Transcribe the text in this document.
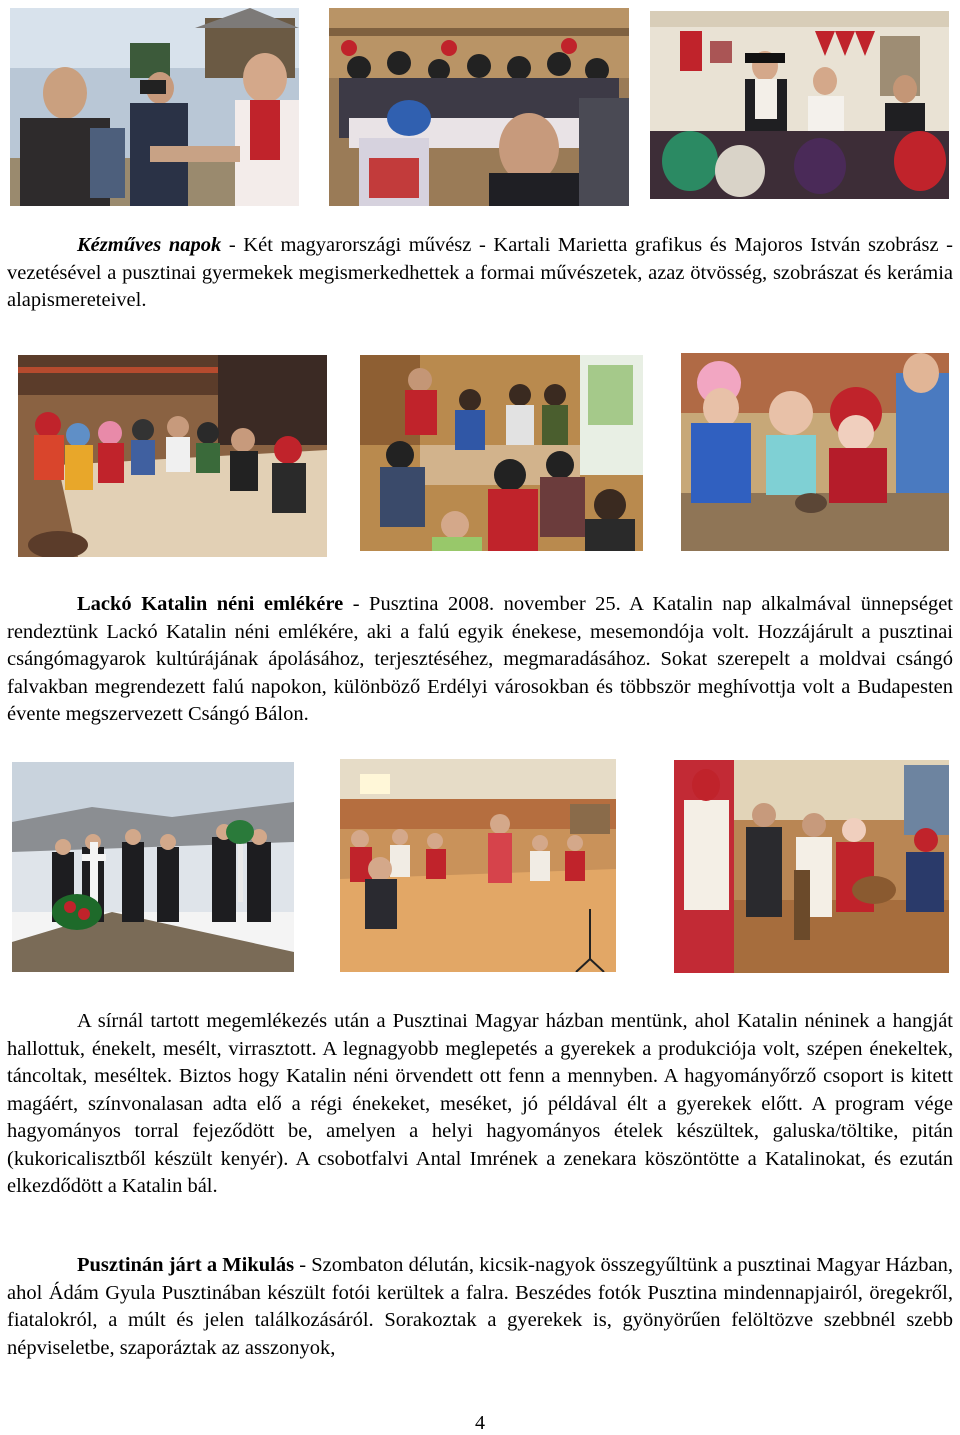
Kézműves napok - Két magyarországi művész - Kartali Marietta grafikus és Majoros István szobrász - vezetésével a pusztinai gyermekek megismerkedhettek a formai művészetek, azaz ötvösség, szobrászat és kerámia alapismereteivel.

Lackó Katalin néni emlékére - Pusztina 2008. november 25. A Katalin nap alkalmával ünnepséget rendeztünk Lackó Katalin néni emlékére, aki a falú egyik énekese, mesemondója volt. Hozzájárult a pusztinai csángómagyarok kultúrájának ápolásához, terjesztéséhez, megmaradásához. Sokat szerepelt a moldvai csángó falvakban megrendezett falú napokon, különböző Erdélyi városokban és többször meghívottja volt a Budapesten évente megszervezett Csángó Bálon.

A sírnál tartott megemlékezés után a Pusztinai Magyar házban mentünk, ahol Katalin néninek a hangját hallottuk, énekelt, mesélt, virrasztott. A legnagyobb meglepetés a gyerekek a produkciója volt, szépen énekeltek, táncoltak, meséltek. Biztos hogy Katalin néni örvendett ott fenn a mennyben. A hagyományőrző csoport is kitett magáért, színvonalasan adta elő a régi énekeket, meséket, jó példával élt a gyerekek előtt. A program vége hagyományos torral fejeződött be, amelyen a helyi hagyományos ételek készültek, galuska/töltike, pitán (kukoricalisztből készült kenyér). A csobotfalvi Antal Imrének a zenekara köszöntötte a Katalinokat, és ezután elkezdődött a Katalin bál.

Pusztinán járt a Mikulás - Szombaton délután, kicsik-nagyok összegyűltünk a pusztinai Magyar Házban, ahol Ádám Gyula Pusztinában készült fotói kerültek a falra. Beszédes fotók Pusztina mindennapjairól, öregekről, fiatalokról, a múlt és jelen találkozásáról. Sorakoztak a gyerekek is, gyönyörűen felöltözve szebbnél szebb népviseletbe, szaporáztak az asszonyok,

4
